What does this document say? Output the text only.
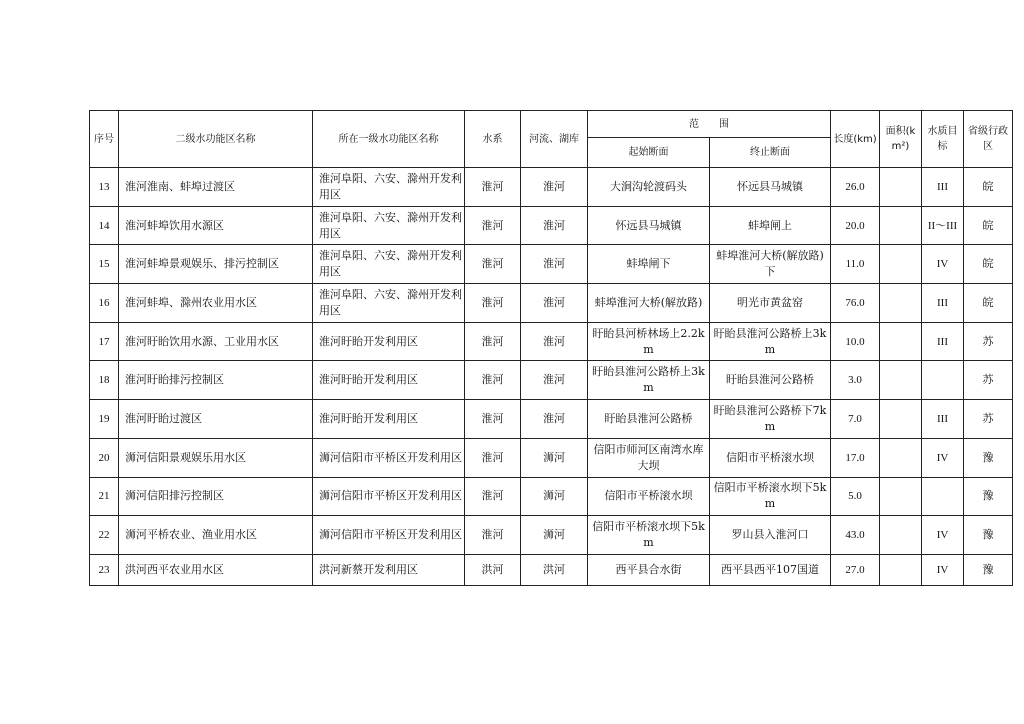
序号	二级水功能区名称	所在一级水功能区名称	水系	河流、湖库	范　　围		长度(km)	面积(km²)	水质目标	省级行政区
					起始断面	终止断面				
13	淮河淮南、蚌埠过渡区	淮河阜阳、六安、滁州开发利用区	淮河	淮河	大涧沟轮渡码头	怀远县马城镇	26.0		III	皖
14	淮河蚌埠饮用水源区	淮河阜阳、六安、滁州开发利用区	淮河	淮河	怀远县马城镇	蚌埠闸上	20.0		II～III	皖
15	淮河蚌埠景观娱乐、排污控制区	淮河阜阳、六安、滁州开发利用区	淮河	淮河	蚌埠闸下	蚌埠淮河大桥(解放路)下	11.0		IV	皖
16	淮河蚌埠、滁州农业用水区	淮河阜阳、六安、滁州开发利用区	淮河	淮河	蚌埠淮河大桥(解放路)	明光市黄盆窑	76.0		III	皖
17	淮河盱眙饮用水源、工业用水区	淮河盱眙开发利用区	淮河	淮河	盱眙县河桥林场上2.2km	盱眙县淮河公路桥上3km	10.0		III	苏
18	淮河盱眙排污控制区	淮河盱眙开发利用区	淮河	淮河	盱眙县淮河公路桥上3km	盱眙县淮河公路桥	3.0			苏
19	淮河盱眙过渡区	淮河盱眙开发利用区	淮河	淮河	盱眙县淮河公路桥	盱眙县淮河公路桥下7km	7.0		III	苏
20	浉河信阳景观娱乐用水区	浉河信阳市平桥区开发利用区	淮河	浉河	信阳市师河区南湾水库大坝	信阳市平桥滚水坝	17.0		IV	豫
21	浉河信阳排污控制区	浉河信阳市平桥区开发利用区	淮河	浉河	信阳市平桥滚水坝	信阳市平桥滚水坝下5km	5.0			豫
22	浉河平桥农业、渔业用水区	浉河信阳市平桥区开发利用区	淮河	浉河	信阳市平桥滚水坝下5km	罗山县入淮河口	43.0		IV	豫
23	洪河西平农业用水区	洪河新蔡开发利用区	洪河	洪河	西平县合水街	西平县西平107国道	27.0		IV	豫
